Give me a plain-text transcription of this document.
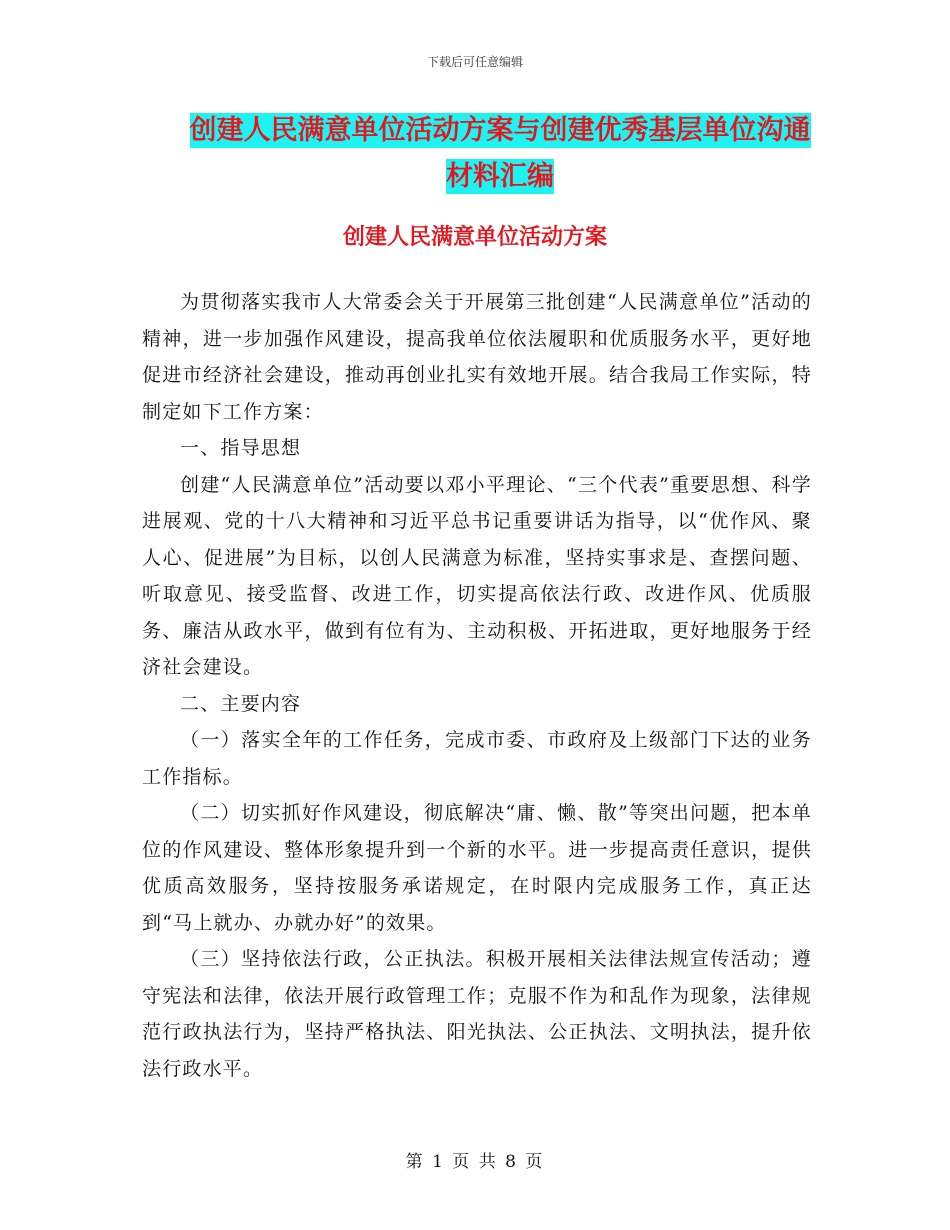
下载后可任意编辑
创建人民满意单位活动方案与创建优秀基层单位沟通
材料汇编
创建人民满意单位活动方案

为贯彻落实我市人大常委会关于开展第三批创建“人民满意单位”活动的精神，进一步加强作风建设，提高我单位依法履职和优质服务水平，更好地促进市经济社会建设，推动再创业扎实有效地开展。结合我局工作实际，特制定如下工作方案：

一、指导思想

创建“人民满意单位”活动要以邓小平理论、“三个代表”重要思想、科学进展观、党的十八大精神和习近平总书记重要讲话为指导，以“优作风、聚人心、促进展”为目标，以创人民满意为标准，坚持实事求是、查摆问题、听取意见、接受监督、改进工作，切实提高依法行政、改进作风、优质服务、廉洁从政水平，做到有位有为、主动积极、开拓进取，更好地服务于经济社会建设。

二、主要内容

（一）落实全年的工作任务，完成市委、市政府及上级部门下达的业务工作指标。

（二）切实抓好作风建设，彻底解决“庸、懒、散”等突出问题，把本单位的作风建设、整体形象提升到一个新的水平。进一步提高责任意识，提供优质高效服务，坚持按服务承诺规定，在时限内完成服务工作，真正达到“马上就办、办就办好”的效果。

（三）坚持依法行政，公正执法。积极开展相关法律法规宣传活动；遵守宪法和法律，依法开展行政管理工作；克服不作为和乱作为现象，法律规范行政执法行为，坚持严格执法、阳光执法、公正执法、文明执法，提升依法行政水平。

第 1 页 共 8 页
